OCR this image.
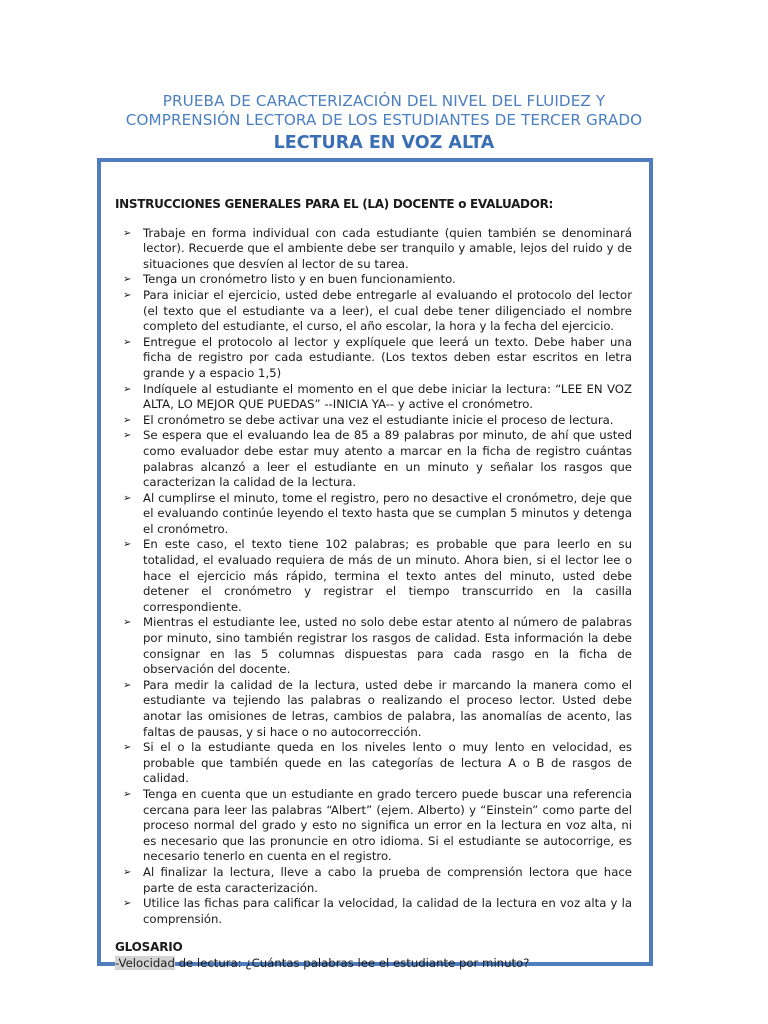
PRUEBA DE CARACTERIZACIÓN DEL NIVEL DEL FLUIDEZ Y
COMPRENSIÓN LECTORA DE LOS ESTUDIANTES DE TERCER GRADO
LECTURA EN VOZ ALTA
INSTRUCCIONES GENERALES PARA EL (LA) DOCENTE o EVALUADOR:
➢ Trabaje en forma individual con cada estudiante (quien también se denominará lector). Recuerde que el ambiente debe ser tranquilo y amable, lejos del ruido y de situaciones que desvíen al lector de su tarea.
➢ Tenga un cronómetro listo y en buen funcionamiento.
➢ Para iniciar el ejercicio, usted debe entregarle al evaluando el protocolo del lector (el texto que el estudiante va a leer), el cual debe tener diligenciado el nombre completo del estudiante, el curso, el año escolar, la hora y la fecha del ejercicio.
➢ Entregue el protocolo al lector y explíquele que leerá un texto. Debe haber una ficha de registro por cada estudiante. (Los textos deben estar escritos en letra grande y a espacio 1,5)
➢ Indíquele al estudiante el momento en el que debe iniciar la lectura: “LEE EN VOZ ALTA, LO MEJOR QUE PUEDAS” --INICIA YA-- y active el cronómetro.
➢ El cronómetro se debe activar una vez el estudiante inicie el proceso de lectura.
➢ Se espera que el evaluando lea de 85 a 89 palabras por minuto, de ahí que usted como evaluador debe estar muy atento a marcar en la ficha de registro cuántas palabras alcanzó a leer el estudiante en un minuto y señalar los rasgos que caracterizan la calidad de la lectura.
➢ Al cumplirse el minuto, tome el registro, pero no desactive el cronómetro, deje que el evaluando continúe leyendo el texto hasta que se cumplan 5 minutos y detenga el cronómetro.
➢ En este caso, el texto tiene 102 palabras; es probable que para leerlo en su totalidad, el evaluado requiera de más de un minuto. Ahora bien, si el lector lee o hace el ejercicio más rápido, termina el texto antes del minuto, usted debe detener el cronómetro y registrar el tiempo transcurrido en la casilla correspondiente.
➢ Mientras el estudiante lee, usted no solo debe estar atento al número de palabras por minuto, sino también registrar los rasgos de calidad. Esta información la debe consignar en las 5 columnas dispuestas para cada rasgo en la ficha de observación del docente.
➢ Para medir la calidad de la lectura, usted debe ir marcando la manera como el estudiante va tejiendo las palabras o realizando el proceso lector. Usted debe anotar las omisiones de letras, cambios de palabra, las anomalías de acento, las faltas de pausas, y si hace o no autocorrección.
➢ Si el o la estudiante queda en los niveles lento o muy lento en velocidad, es probable que también quede en las categorías de lectura A o B de rasgos de calidad.
➢ Tenga en cuenta que un estudiante en grado tercero puede buscar una referencia cercana para leer las palabras “Albert” (ejem. Alberto) y “Einstein” como parte del proceso normal del grado y esto no significa un error en la lectura en voz alta, ni es necesario que las pronuncie en otro idioma. Si el estudiante se autocorrige, es necesario tenerlo en cuenta en el registro.
➢ Al finalizar la lectura, lleve a cabo la prueba de comprensión lectora que hace parte de esta caracterización.
➢ Utilice las fichas para calificar la velocidad, la calidad de la lectura en voz alta y la comprensión.
GLOSARIO
-Velocidad de lectura: ¿Cuántas palabras lee el estudiante por minuto?
